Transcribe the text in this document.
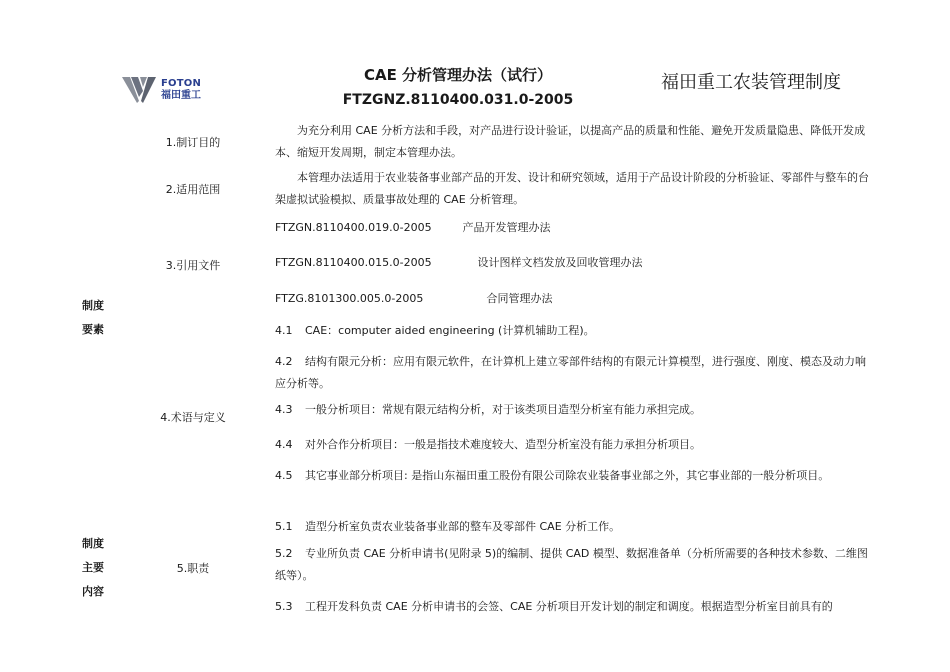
FOTON
福田重工
CAE 分析管理办法（试行）
FTZGNZ.8110400.031.0-2005
福田重工农装管理制度
制度
要素
制度
主要
内容
1.制订目的
2.适用范围
3.引用文件
4.术语与定义
5.职责
为充分利用 CAE 分析方法和手段，对产品进行设计验证，以提高产品的质量和性能、避免开发质量隐患、降低开发成本、缩短开发周期，制定本管理办法。
本管理办法适用于农业装备事业部产品的开发、设计和研究领域，适用于产品设计阶段的分析验证、零部件与整车的台架虚拟试验模拟、质量事故处理的 CAE 分析管理。
FTZGN.8110400.019.0-2005	产品开发管理办法
FTZGN.8110400.015.0-2005	设计图样文档发放及回收管理办法
FTZG.8101300.005.0-2005	合同管理办法
4.1 CAE：computer aided engineering (计算机辅助工程)。
4.2 结构有限元分析：应用有限元软件，在计算机上建立零部件结构的有限元计算模型，进行强度、刚度、模态及动力响应分析等。
4.3 一般分析项目：常规有限元结构分析，对于该类项目造型分析室有能力承担完成。
4.4 对外合作分析项目：一般是指技术难度较大、造型分析室没有能力承担分析项目。
4.5 其它事业部分析项目: 是指山东福田重工股份有限公司除农业装备事业部之外，其它事业部的一般分析项目。
5.1 造型分析室负责农业装备事业部的整车及零部件 CAE 分析工作。
5.2 专业所负责 CAE 分析申请书(见附录 5)的编制、提供 CAD 模型、数据准备单（分析所需要的各种技术参数、二维图纸等）。
5.3 工程开发科负责 CAE 分析申请书的会签、CAE 分析项目开发计划的制定和调度。根据造型分析室目前具有的
